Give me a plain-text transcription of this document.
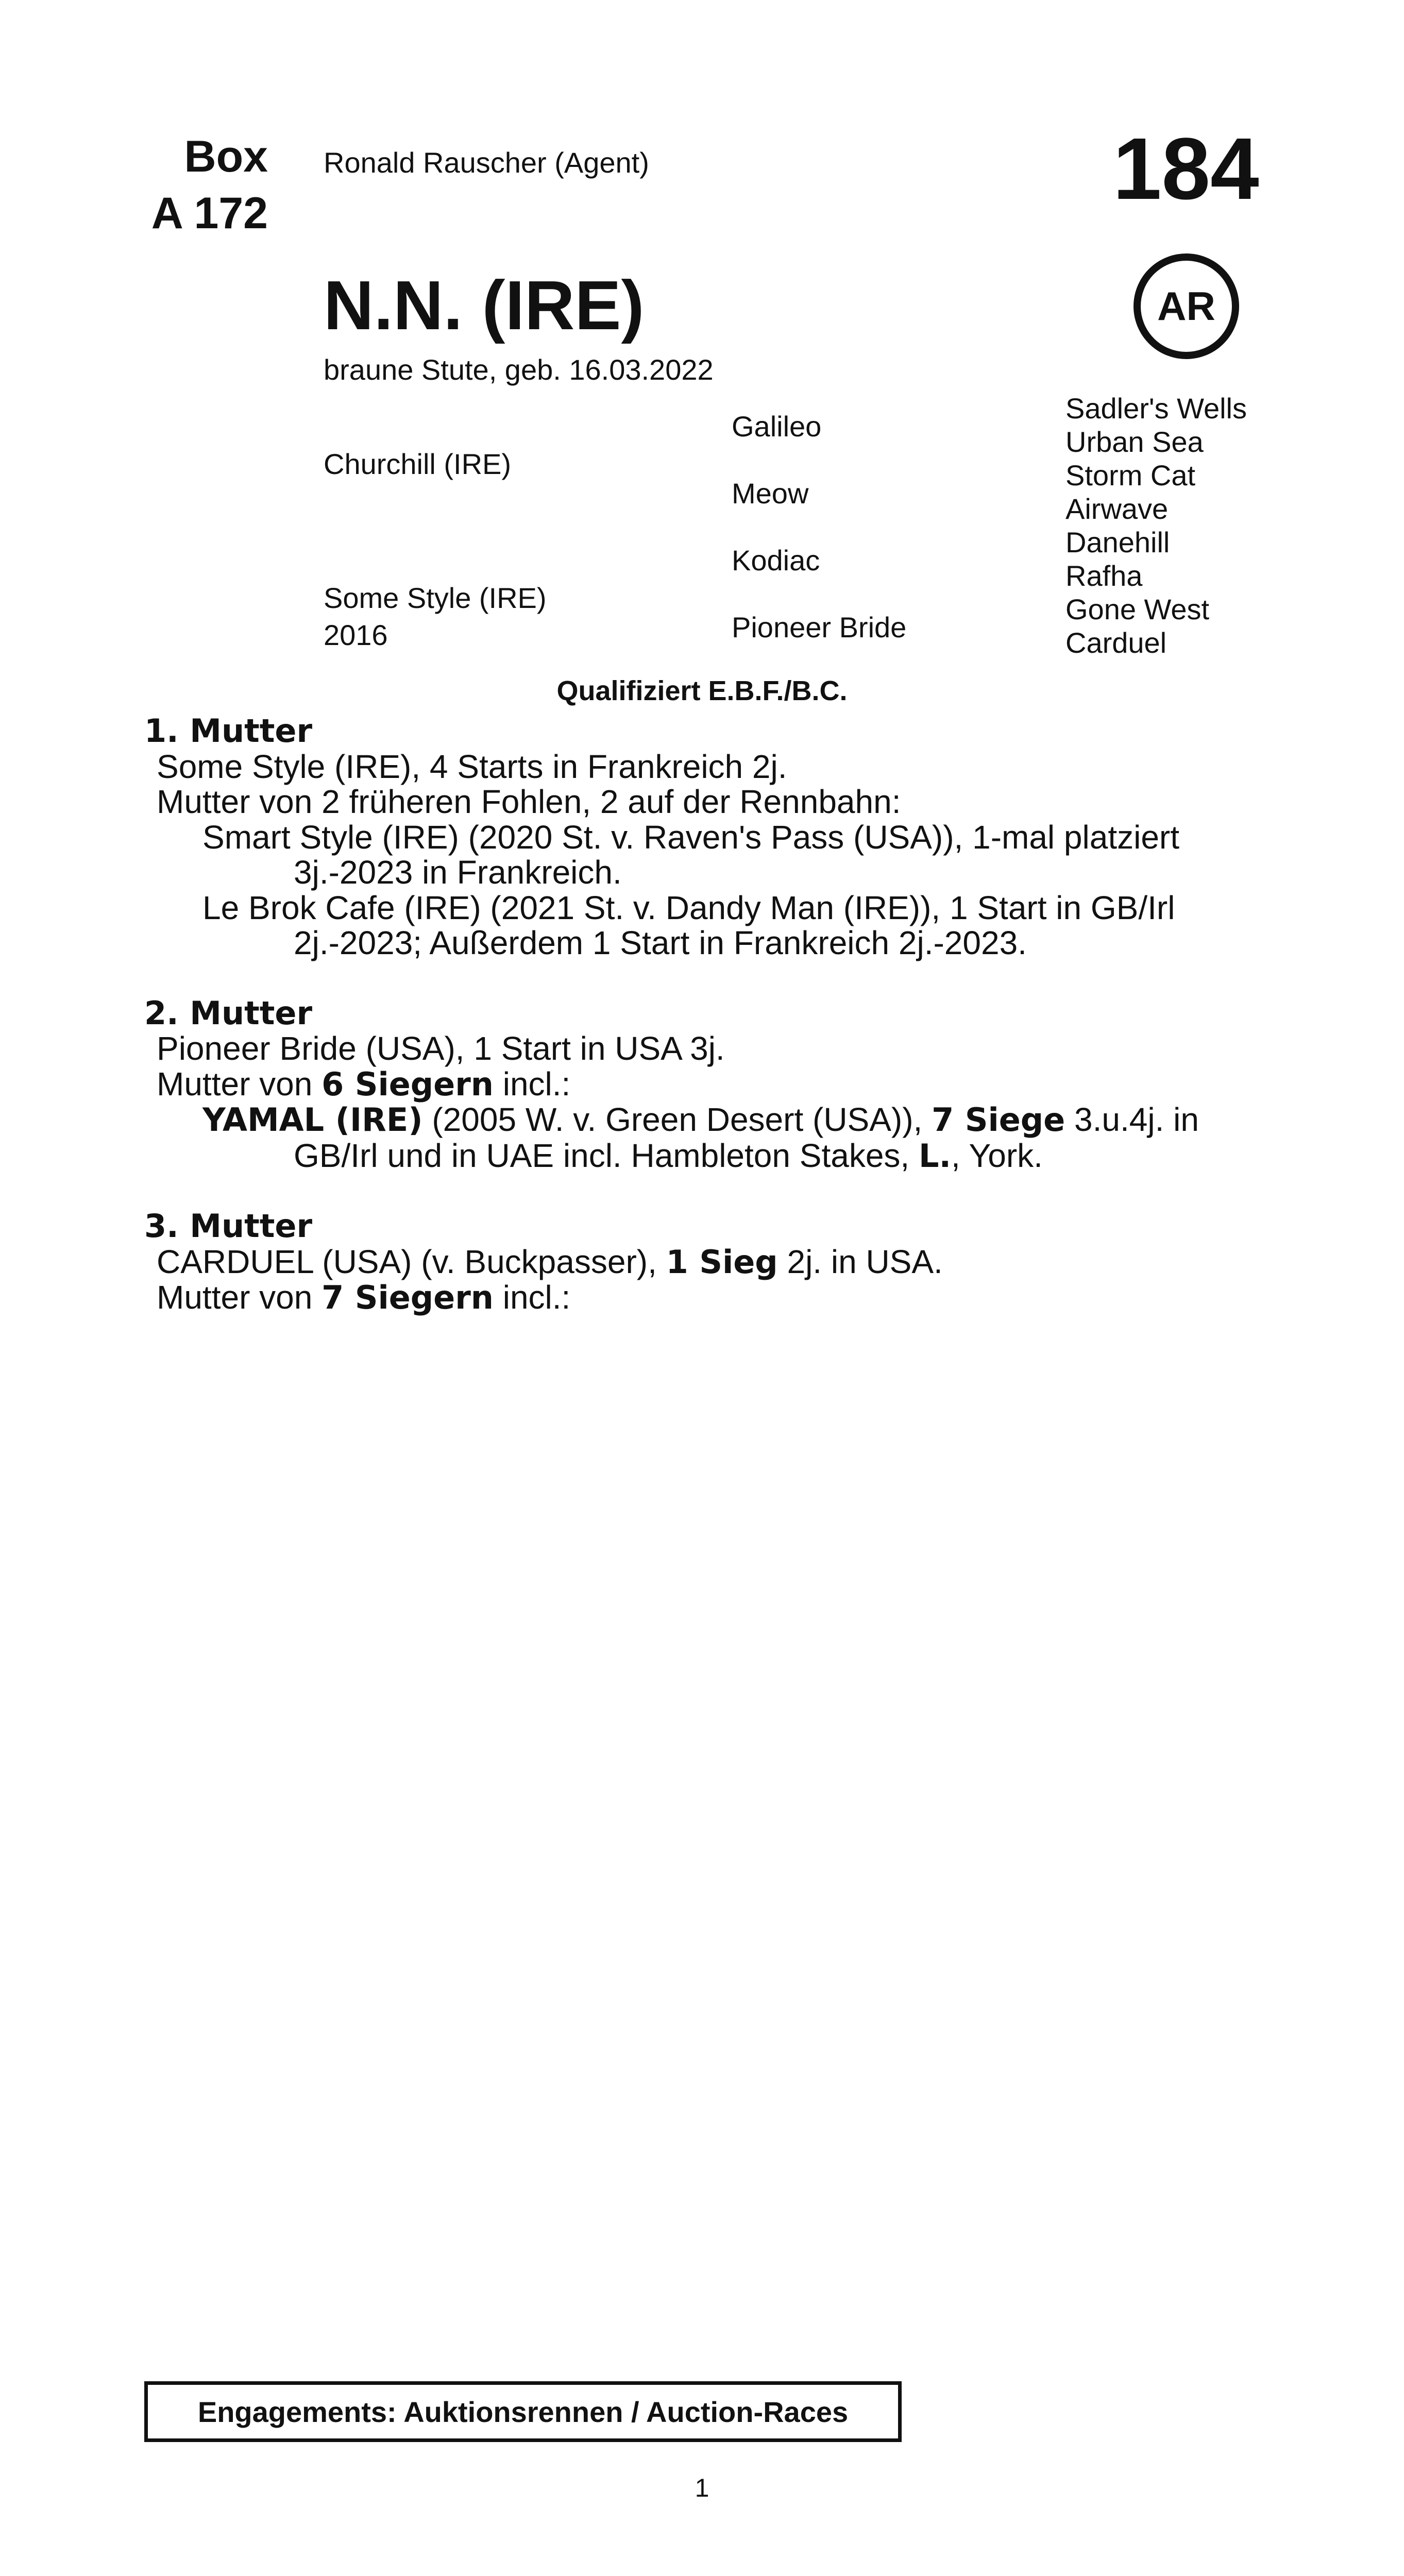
Box
A 172
Ronald Rauscher (Agent)	184
AR
N.N. (IRE)
braune Stute, geb. 16.03.2022
Churchill (IRE)
Some Style (IRE)
2016
Galileo
Meow
Kodiac
Pioneer Bride
Sadler's Wells
Urban Sea
Storm Cat
Airwave
Danehill
Rafha
Gone West
Carduel
Qualifiziert E.B.F./B.C.
1. Mutter
Some Style (IRE), 4 Starts in Frankreich 2j.
Mutter von 2 früheren Fohlen, 2 auf der Rennbahn:
Smart Style (IRE) (2020 St. v. Raven's Pass (USA)), 1-mal platziert 3j.-2023 in Frankreich.
Le Brok Cafe (IRE) (2021 St. v. Dandy Man (IRE)), 1 Start in GB/Irl 2j.-2023; Außerdem 1 Start in Frankreich 2j.-2023.
2. Mutter
Pioneer Bride (USA), 1 Start in USA 3j.
Mutter von 6 Siegern incl.:
YAMAL (IRE) (2005 W. v. Green Desert (USA)), 7 Siege 3.u.4j. in GB/Irl und in UAE incl. Hambleton Stakes, L., York.
3. Mutter
CARDUEL (USA) (v. Buckpasser), 1 Sieg 2j. in USA.
Mutter von 7 Siegern incl.:
Engagements: Auktionsrennen / Auction-Races
1
